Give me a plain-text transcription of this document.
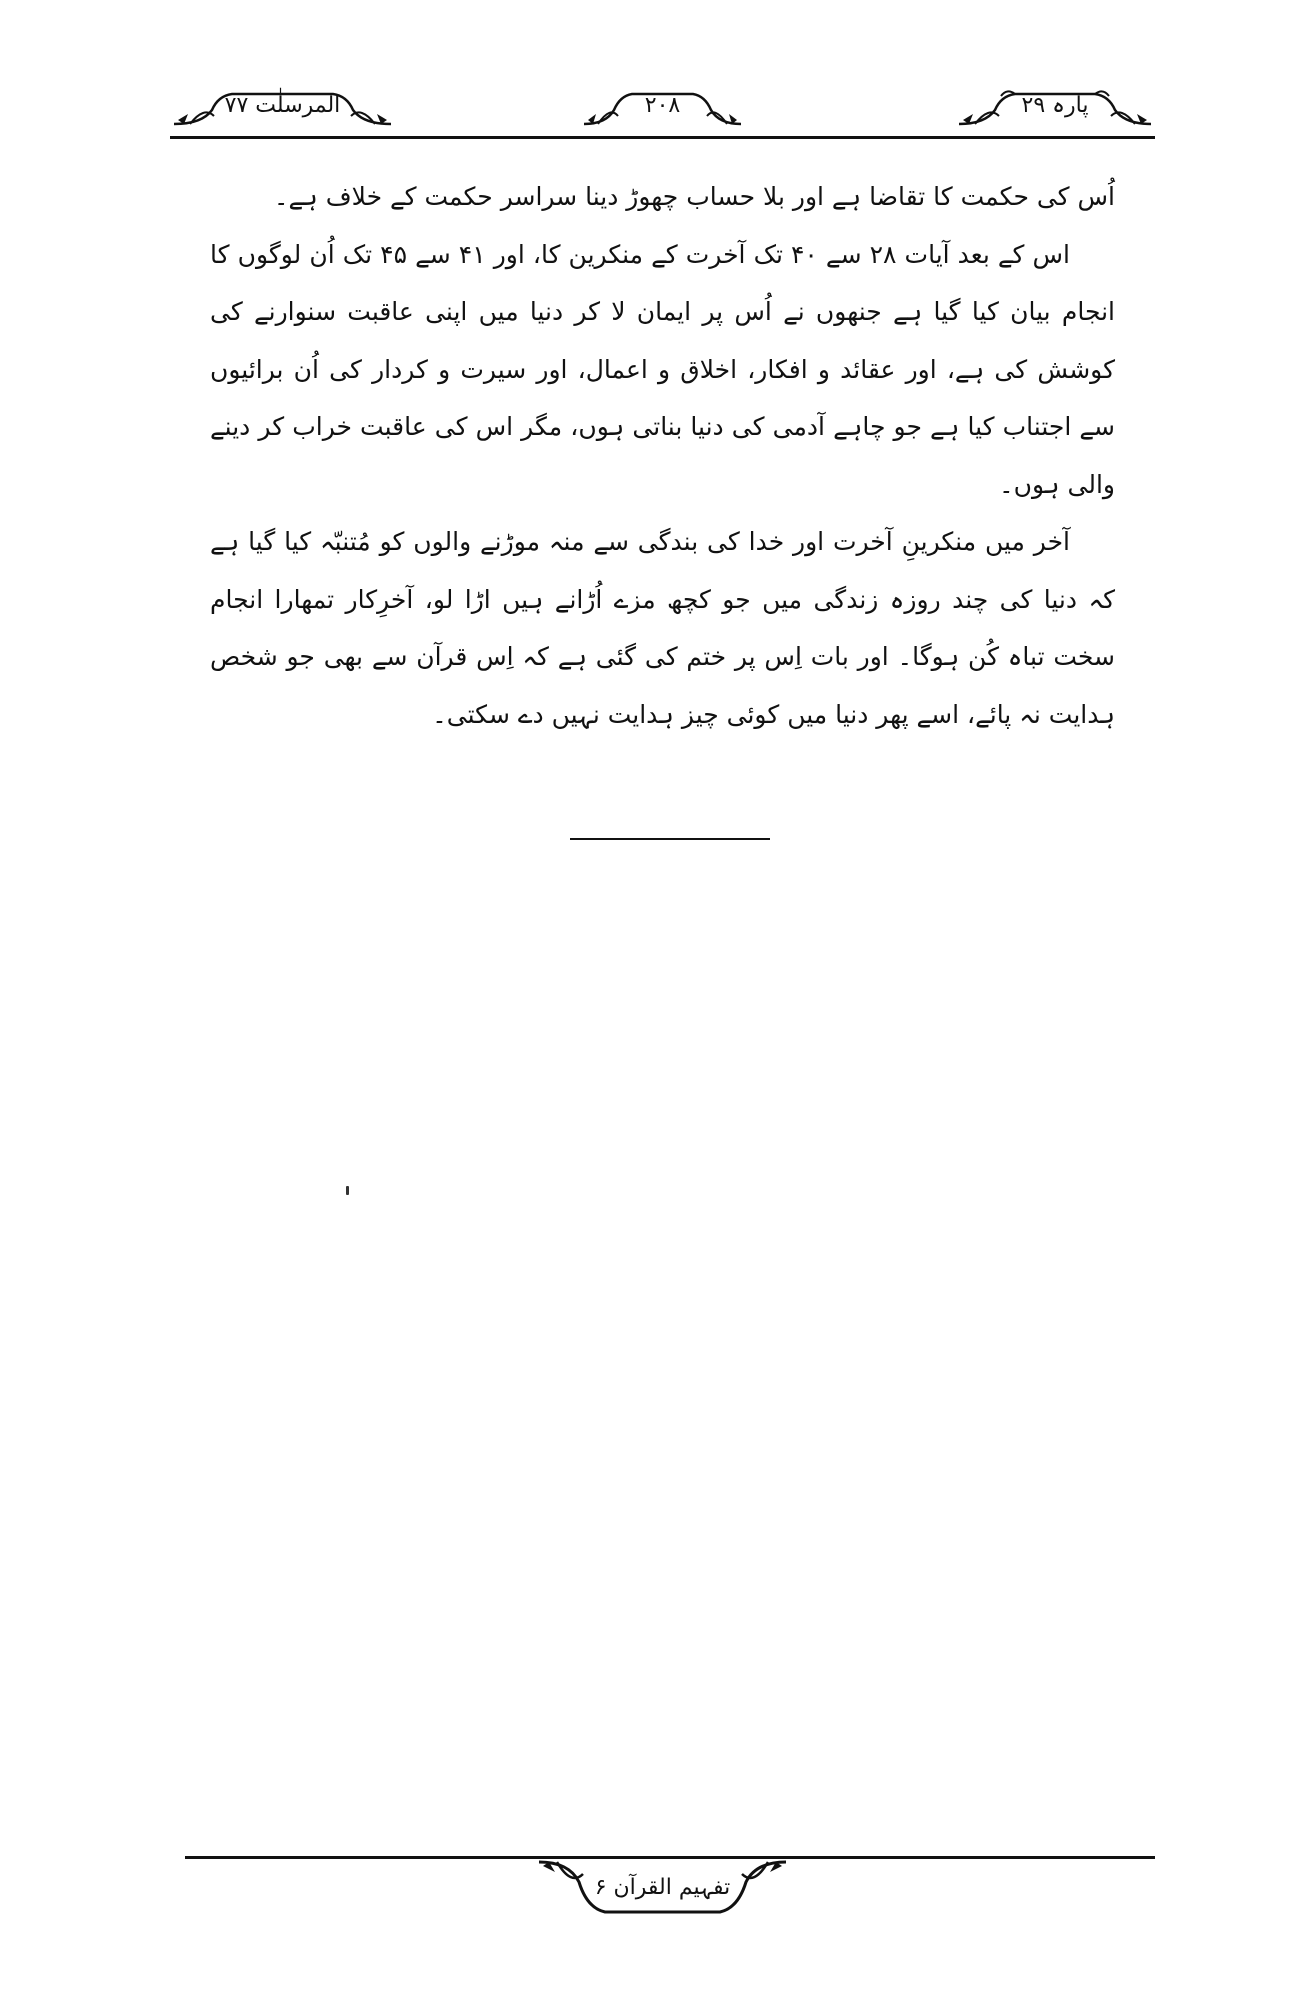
پارہ ۲۹
۲۰۸
المرسلٰت ۷۷

اُس کی حکمت کا تقاضا ہے اور بلا حساب چھوڑ دینا سراسر حکمت کے خلاف ہے۔

اس کے بعد آیات ۲۸ سے ۴۰ تک آخرت کے منکرین کا، اور ۴۱ سے ۴۵ تک اُن لوگوں کا انجام بیان کیا گیا ہے جنھوں نے اُس پر ایمان لا کر دنیا میں اپنی عاقبت سنوارنے کی کوشش کی ہے، اور عقائد و افکار، اخلاق و اعمال، اور سیرت و کردار کی اُن برائیوں سے اجتناب کیا ہے جو چاہے آدمی کی دنیا بناتی ہوں، مگر اس کی عاقبت خراب کر دینے والی ہوں۔

آخر میں منکرینِ آخرت اور خدا کی بندگی سے منہ موڑنے والوں کو مُتنبّہ کیا گیا ہے کہ دنیا کی چند روزہ زندگی میں جو کچھ مزے اُڑانے ہیں اڑا لو، آخرِکار تمھارا انجام سخت تباہ کُن ہوگا۔ اور بات اِس پر ختم کی گئی ہے کہ اِس قرآن سے بھی جو شخص ہدایت نہ پائے، اسے پھر دنیا میں کوئی چیز ہدایت نہیں دے سکتی۔

تفہیم القرآن ۶
